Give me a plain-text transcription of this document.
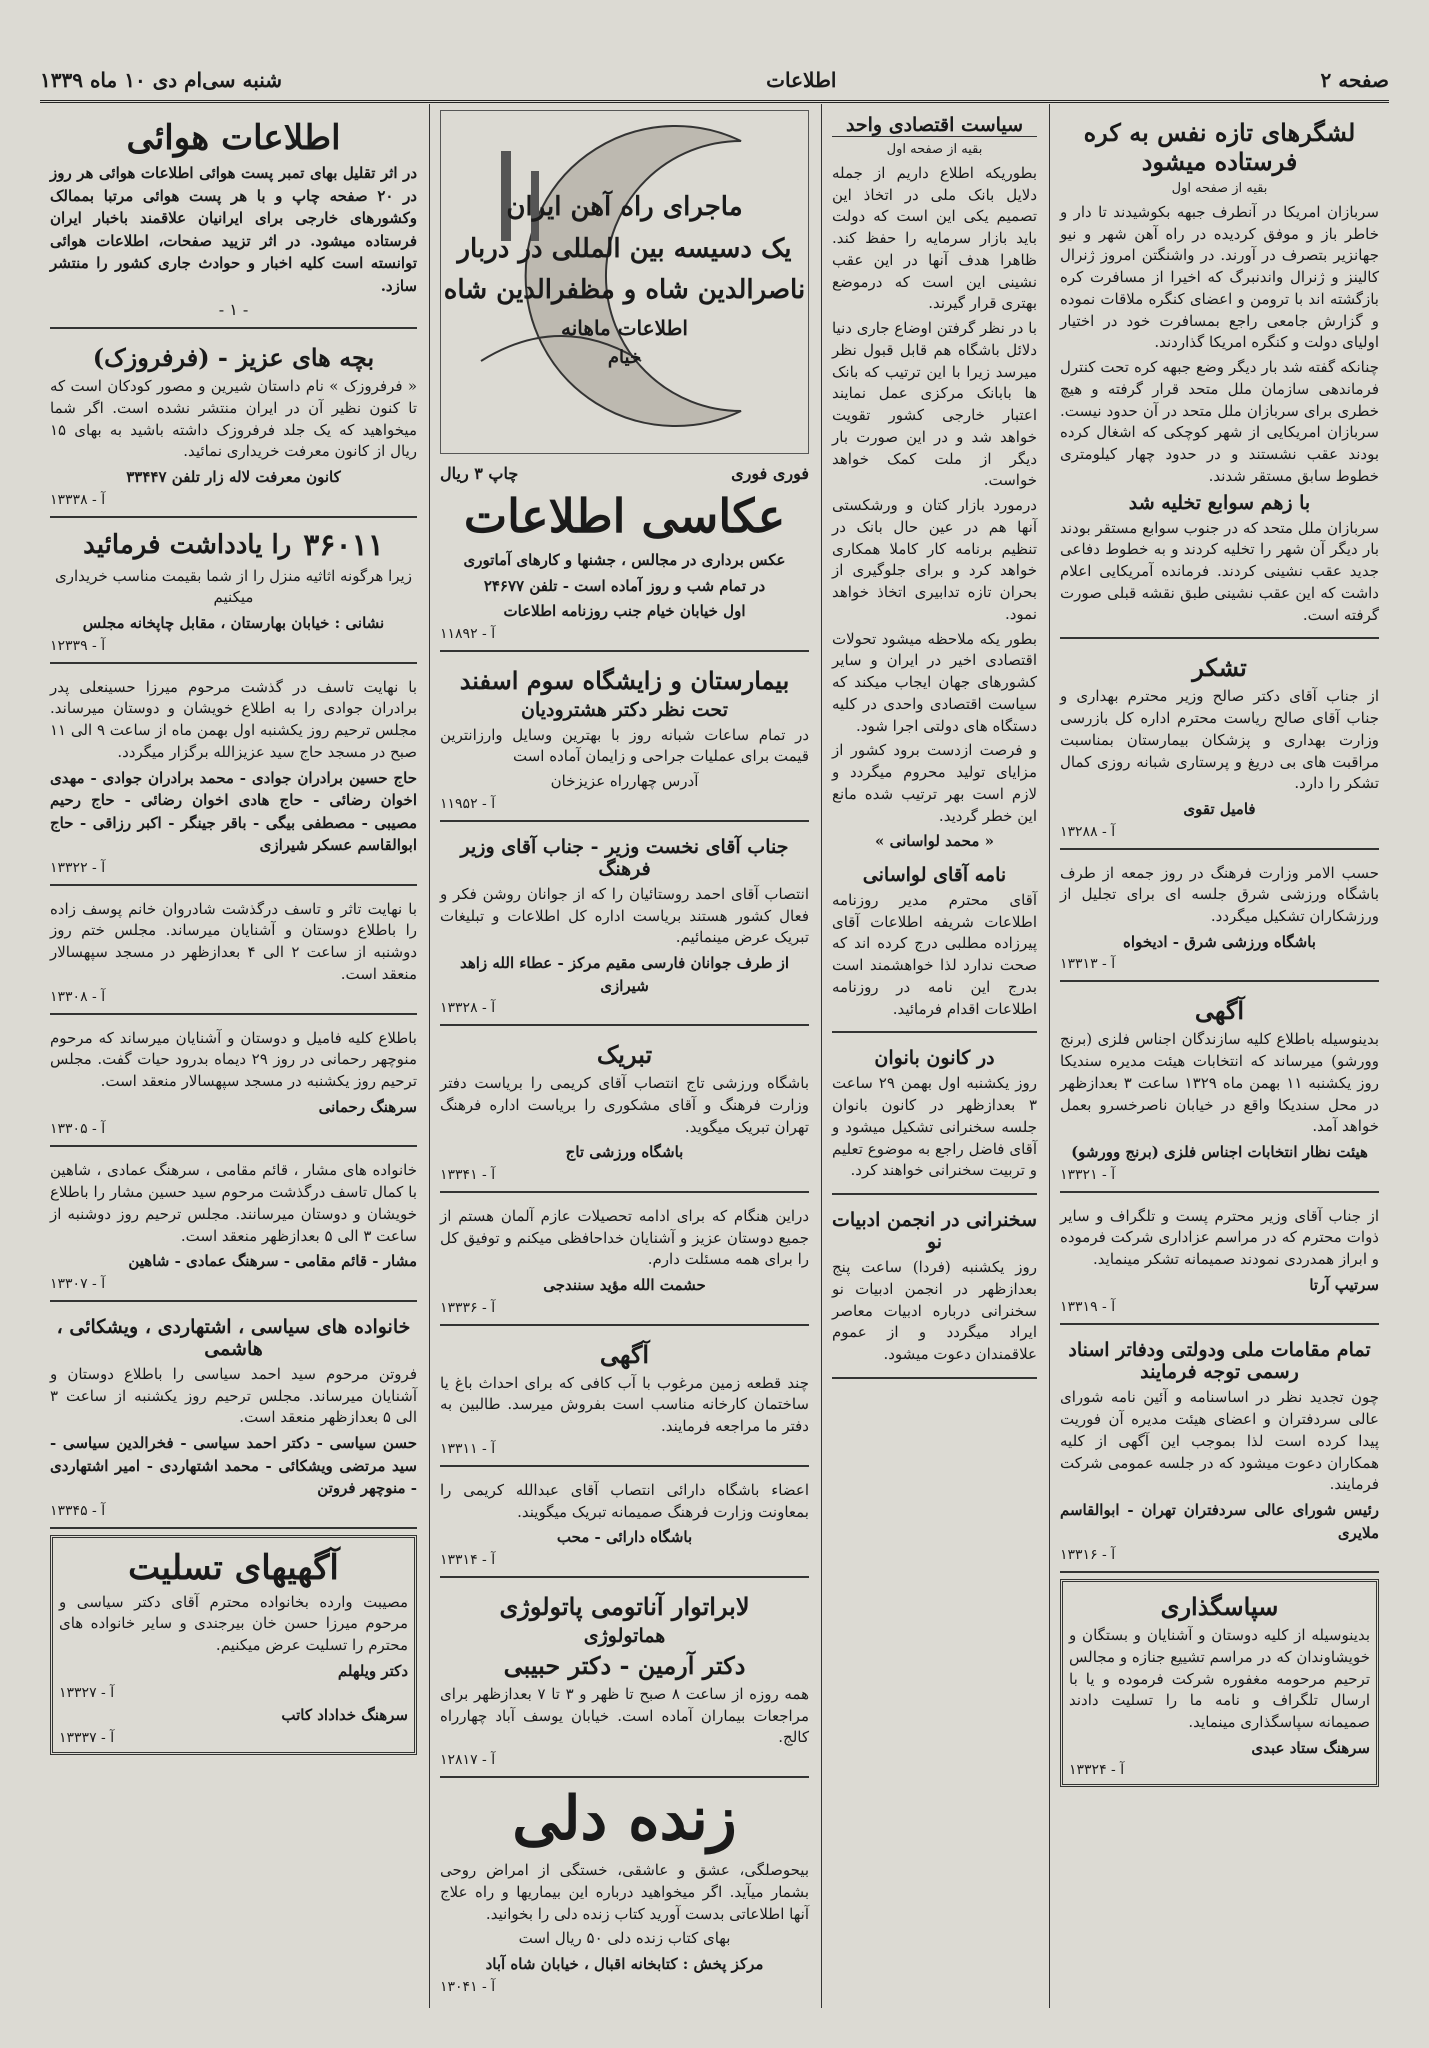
صفحه ۲
اطلاعات
شنبه سی‌ام دی ۱۰ ماه ۱۳۳۹
لشگرهای تازه نفس به کره فرستاده میشود

بقیه از صفحه اول

سربازان امریکا در آنطرف جبهه بکوشیدند تا دار و خاطر باز و موفق کردیده در راه آهن شهر و نیو جهانزیر بتصرف در آورند. در واشنگتن امروز ژنرال کالینز و ژنرال واندنبرگ که اخیرا از مسافرت کره بازگشته اند با ترومن و اعضای کنگره ملاقات نموده و گزارش جامعی راجع بمسافرت خود در اختیار اولیای دولت و کنگره امریکا گذاردند.

چنانکه گفته شد بار دیگر وضع جبهه کره تحت کنترل فرماندهی سازمان ملل متحد قرار گرفته و هیچ خطری برای سربازان ملل متحد در آن حدود نیست. سربازان امریکایی از شهر کوچکی که اشغال کرده بودند عقب نشستند و در حدود چهار کیلومتری خطوط سابق مستقر شدند.

با زهم سوابع تخلیه شد

سربازان ملل متحد که در جنوب سوابع مستقر بودند بار دیگر آن شهر را تخلیه کردند و به خطوط دفاعی جدید عقب نشینی کردند. فرمانده آمریکایی اعلام داشت که این عقب نشینی طبق نقشه قبلی صورت گرفته است.

تشکر

از جناب آقای دکتر صالح وزیر محترم بهداری و جناب آقای صالح ریاست محترم اداره کل بازرسی وزارت بهداری و پزشکان بیمارستان بمناسبت مراقبت های بی دریغ و پرستاری شبانه روزی کمال تشکر را دارد.

فامیل تقوی

آ - ۱۳۲۸۸

حسب الامر وزارت فرهنگ در روز جمعه از طرف باشگاه ورزشی شرق جلسه ای برای تجلیل از ورزشکاران تشکیل میگردد.

باشگاه ورزشی شرق - ادیخواه

آ - ۱۳۳۱۳
آگهی

بدینوسیله باطلاع کلیه سازندگان اجناس فلزی (برنج وورشو) میرساند که انتخابات هیئت مدیره سندیکا روز یکشنبه ۱۱ بهمن ماه ۱۳۲۹ ساعت ۳ بعدازظهر در محل سندیکا واقع در خیابان ناصرخسرو بعمل خواهد آمد.

هیئت نظار انتخابات اجناس فلزی (برنج وورشو)

آ - ۱۳۳۲۱

از جناب آقای وزیر محترم پست و تلگراف و سایر ذوات محترم که در مراسم عزاداری شرکت فرموده و ابراز همدردی نمودند صمیمانه تشکر مینماید.

سرتیپ آرتا

آ - ۱۳۳۱۹
تمام مقامات ملی ودولتی ودفاتر اسناد رسمی توجه فرمایند

چون تجدید نظر در اساسنامه و آئین نامه شورای عالی سردفتران و اعضای هیئت مدیره آن فوریت پیدا کرده است لذا بموجب این آگهی از کلیه همکاران دعوت میشود که در جلسه عمومی شرکت فرمایند.

رئیس شورای عالی سردفتران تهران - ابوالقاسم ملایری

آ - ۱۳۳۱۶
سپاسگذاری

بدینوسیله از کلیه دوستان و آشنایان و بستگان و خویشاوندان که در مراسم تشییع جنازه و مجالس ترحیم مرحومه مغفوره شرکت فرموده و یا با ارسال تلگراف و نامه ما را تسلیت دادند صمیمانه سپاسگذاری مینماید.

سرهنگ ستاد عبدی

آ - ۱۳۳۲۴
سیاست اقتصادی واحد

بقیه از صفحه اول

بطوریکه اطلاع داریم از جمله دلایل بانک ملی در اتخاذ این تصمیم یکی این است که دولت باید بازار سرمایه را حفظ کند. ظاهرا هدف آنها در این عقب نشینی این است که درموضع بهتری قرار گیرند.

با در نظر گرفتن اوضاع جاری دنیا دلائل باشگاه هم قابل قبول نظر میرسد زیرا با این ترتیب که بانک ها بابانک مرکزی عمل نمایند اعتبار خارجی کشور تقویت خواهد شد و در این صورت بار دیگر از ملت کمک خواهد خواست.

درمورد بازار کتان و ورشکستی آنها هم در عین حال بانک در تنظیم برنامه کار کاملا همکاری خواهد کرد و برای جلوگیری از بحران تازه تدابیری اتخاذ خواهد نمود.

بطور یکه ملاحظه میشود تحولات اقتصادی اخیر در ایران و سایر کشورهای جهان ایجاب میکند که سیاست اقتصادی واحدی در کلیه دستگاه های دولتی اجرا شود.

و فرصت ازدست برود کشور از مزایای تولید محروم میگردد و لازم است بهر ترتیب شده مانع این خطر گردید.

« محمد لواسانی »

نامه آقای لواسانی

آقای محترم مدیر روزنامه اطلاعات شریفه اطلاعات آقای پیرزاده مطلبی درج کرده اند که صحت ندارد لذا خواهشمند است بدرج این نامه در روزنامه اطلاعات اقدام فرمائید.

در کانون بانوان

روز یکشنبه اول بهمن ۲۹ ساعت ۳ بعدازظهر در کانون بانوان جلسه سخنرانی تشکیل میشود و آقای فاضل راجع به موضوع تعلیم و تربیت سخنرانی خواهند کرد.

سخنرانی در انجمن ادبیات نو

روز یکشنبه (فردا) ساعت پنج بعدازظهر در انجمن ادبیات نو سخنرانی درباره ادبیات معاصر ایراد میگردد و از عموم علاقمندان دعوت میشود.

ماجرای راه آهن ایران
یک دسیسه بین المللی در دربار
ناصرالدین شاه و مظفرالدین شاه
اطلاعات ماهانه
خیام
فوری فوری
چاپ ۳ ریال
عکاسی اطلاعات

عکس برداری در مجالس ، جشنها و کارهای آماتوری

در تمام شب و روز آماده است - تلفن ۲۴۶۷۷

اول خیابان خیام جنب روزنامه اطلاعات

آ - ۱۱۸۹۲
بیمارستان و زایشگاه سوم اسفند
تحت نظر دکتر هشترودیان

در تمام ساعات شبانه روز با بهترین وسایل وارزانترین قیمت برای عملیات جراحی و زایمان آماده است

آدرس چهارراه عزیزخان

آ - ۱۱۹۵۲
جناب آقای نخست وزیر - جناب آقای وزیر فرهنگ

انتصاب آقای احمد روستائیان را که از جوانان روشن فکر و فعال کشور هستند بریاست اداره کل اطلاعات و تبلیغات تبریک عرض مینمائیم.

از طرف جوانان فارسی مقیم مرکز - عطاء الله زاهد شیرازی

آ - ۱۳۳۲۸
تبریک

باشگاه ورزشی تاج انتصاب آقای کریمی را بریاست دفتر وزارت فرهنگ و آقای مشکوری را بریاست اداره فرهنگ تهران تبریک میگوید.

باشگاه ورزشی تاج

آ - ۱۳۳۴۱

دراین هنگام که برای ادامه تحصیلات عازم آلمان هستم از جمیع دوستان عزیز و آشنایان خداحافظی میکنم و توفیق کل را برای همه مسئلت دارم.

حشمت الله مؤید سنندجی

آ - ۱۳۳۳۶
آگهی

چند قطعه زمین مرغوب با آب کافی که برای احداث باغ یا ساختمان کارخانه مناسب است بفروش میرسد. طالبین به دفتر ما مراجعه فرمایند.

آ - ۱۳۳۱۱

اعضاء باشگاه دارائی انتصاب آقای عبدالله کریمی را بمعاونت وزارت فرهنگ صمیمانه تبریک میگویند.

باشگاه دارائی - محب

آ - ۱۳۳۱۴
لابراتوار آناتومی پاتولوژی
هماتولوژی
دکتر آرمین - دکتر حبیبی

همه روزه از ساعت ۸ صبح تا ظهر و ۳ تا ۷ بعدازظهر برای مراجعات بیماران آماده است. خیابان یوسف آباد چهارراه کالج.

آ - ۱۲۸۱۷
زنده دلی

بیحوصلگی، عشق و عاشقی، خستگی از امراض روحی بشمار میآید. اگر میخواهید درباره این بیماریها و راه علاج آنها اطلاعاتی بدست آورید کتاب زنده دلی را بخوانید.

بهای کتاب زنده دلی ۵۰ ریال است

مرکز پخش : کتابخانه اقبال ، خیابان شاه آباد

آ - ۱۳۰۴۱
اطلاعات هوائی

در اثر تقلیل بهای تمبر پست هوائی اطلاعات هوائی هر روز در ۲۰ صفحه چاپ و با هر پست هوائی مرتبا بممالک وکشورهای خارجی برای ایرانیان علاقمند باخبار ایران فرستاده میشود. در اثر تزیید صفحات، اطلاعات هوائی توانسته است کلیه اخبار و حوادث جاری کشور را منتشر سازد.

- ۱ -
بچه های عزیز - (فرفروزک)

« فرفروزک » نام داستان شیرین و مصور کودکان است که تا کنون نظیر آن در ایران منتشر نشده است. اگر شما میخواهید که یک جلد فرفروزک داشته باشید به بهای ۱۵ ریال از کانون معرفت خریداری نمائید.

کانون معرفت لاله زار تلفن ۳۳۴۴۷

آ - ۱۳۳۳۸
۳۶۰۱۱
را یادداشت فرمائید

زیرا هرگونه اثاثیه منزل را از شما بقیمت مناسب خریداری میکنیم

نشانی : خیابان بهارستان ، مقابل چاپخانه مجلس

آ - ۱۲۳۳۹

با نهایت تاسف در گذشت مرحوم میرزا حسینعلی پدر برادران جوادی را به اطلاع خویشان و دوستان میرساند. مجلس ترحیم روز یکشنبه اول بهمن ماه از ساعت ۹ الی ۱۱ صبح در مسجد حاج سید عزیزالله برگزار میگردد.

حاج حسین برادران جوادی - محمد برادران جوادی - مهدی اخوان رضائی - حاج هادی اخوان رضائی - حاج رحیم مصیبی - مصطفی بیگی - باقر جینگر - اکبر رزاقی - حاج ابوالقاسم عسکر شیرازی

آ - ۱۳۳۲۲

با نهایت تاثر و تاسف درگذشت شادروان خانم پوسف زاده را باطلاع دوستان و آشنایان میرساند. مجلس ختم روز دوشنبه از ساعت ۲ الی ۴ بعدازظهر در مسجد سپهسالار منعقد است.

آ - ۱۳۳۰۸

باطلاع کلیه فامیل و دوستان و آشنایان میرساند که مرحوم منوچهر رحمانی در روز ۲۹ دیماه بدرود حیات گفت. مجلس ترحیم روز یکشنبه در مسجد سپهسالار منعقد است.

سرهنگ رحمانی

آ - ۱۳۳۰۵

خانواده های مشار ، قائم مقامی ، سرهنگ عمادی ، شاهین با کمال تاسف درگذشت مرحوم سید حسین مشار را باطلاع خویشان و دوستان میرسانند. مجلس ترحیم روز دوشنبه از ساعت ۳ الی ۵ بعدازظهر منعقد است.

مشار - قائم مقامی - سرهنگ عمادی - شاهین

آ - ۱۳۳۰۷
خانواده های سیاسی ، اشتهاردی ، ویشکائی ، هاشمی

فروتن مرحوم سید احمد سیاسی را باطلاع دوستان و آشنایان میرساند. مجلس ترحیم روز یکشنبه از ساعت ۳ الی ۵ بعدازظهر منعقد است.

حسن سیاسی - دکتر احمد سیاسی - فخرالدین سیاسی - سید مرتضی ویشکائی - محمد اشتهاردی - امیر اشتهاردی - منوچهر فروتن

آ - ۱۳۳۴۵
آگهیهای تسلیت

مصیبت وارده بخانواده محترم آقای دکتر سیاسی و مرحوم میرزا حسن خان بیرجندی و سایر خانواده های محترم را تسلیت عرض میکنیم.

دکتر ویلهلم

آ - ۱۳۳۲۷

سرهنگ خداداد کاتب

آ - ۱۳۳۳۷
